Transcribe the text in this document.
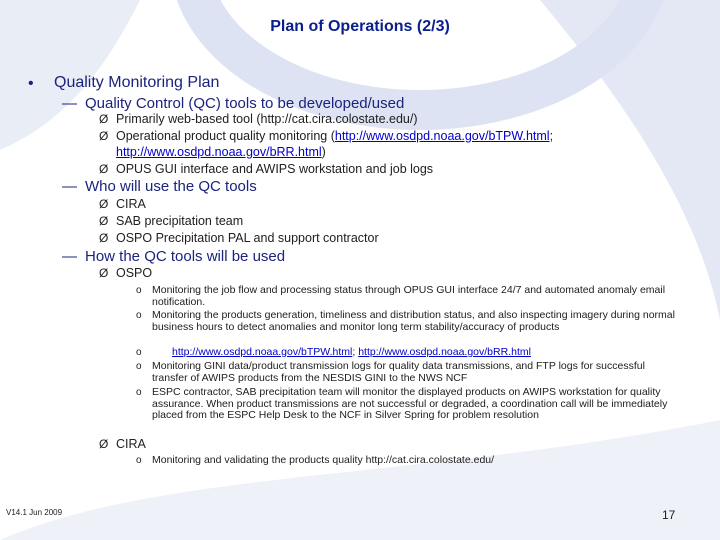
Plan of Operations (2/3)
• Quality Monitoring Plan
— Quality Control (QC) tools to be developed/used
Ø Primarily web-based tool (http://cat.cira.colostate.edu/)
Ø Operational product quality monitoring (http://www.osdpd.noaa.gov/bTPW.html;
http://www.osdpd.noaa.gov/bRR.html)
Ø OPUS GUI interface and AWIPS workstation and job logs
— Who will use the QC tools
Ø CIRA
Ø SAB precipitation team
Ø OSPO Precipitation PAL and support contractor
— How the QC tools will be used
Ø OSPO
o Monitoring the job flow and processing status through OPUS GUI interface 24/7 and automated anomaly email notification.
o Monitoring the products generation, timeliness and distribution status, and also inspecting imagery during normal business hours to detect anomalies and monitor long term stability/accuracy of products
o	http://www.osdpd.noaa.gov/bTPW.html; http://www.osdpd.noaa.gov/bRR.html
o Monitoring GINI data/product transmission logs for quality data transmissions, and FTP logs for successful transfer of AWIPS products from the NESDIS GINI to the NWS NCF
o ESPC contractor, SAB precipitation team will monitor the displayed products on AWIPS workstation for quality assurance. When product transmissions are not successful or degraded, a coordination call will be immediately placed from the ESPC Help Desk to the NCF in Silver Spring for problem resolution
Ø CIRA
o Monitoring and validating the products quality http://cat.cira.colostate.edu/
V14.1 Jun 2009	17
